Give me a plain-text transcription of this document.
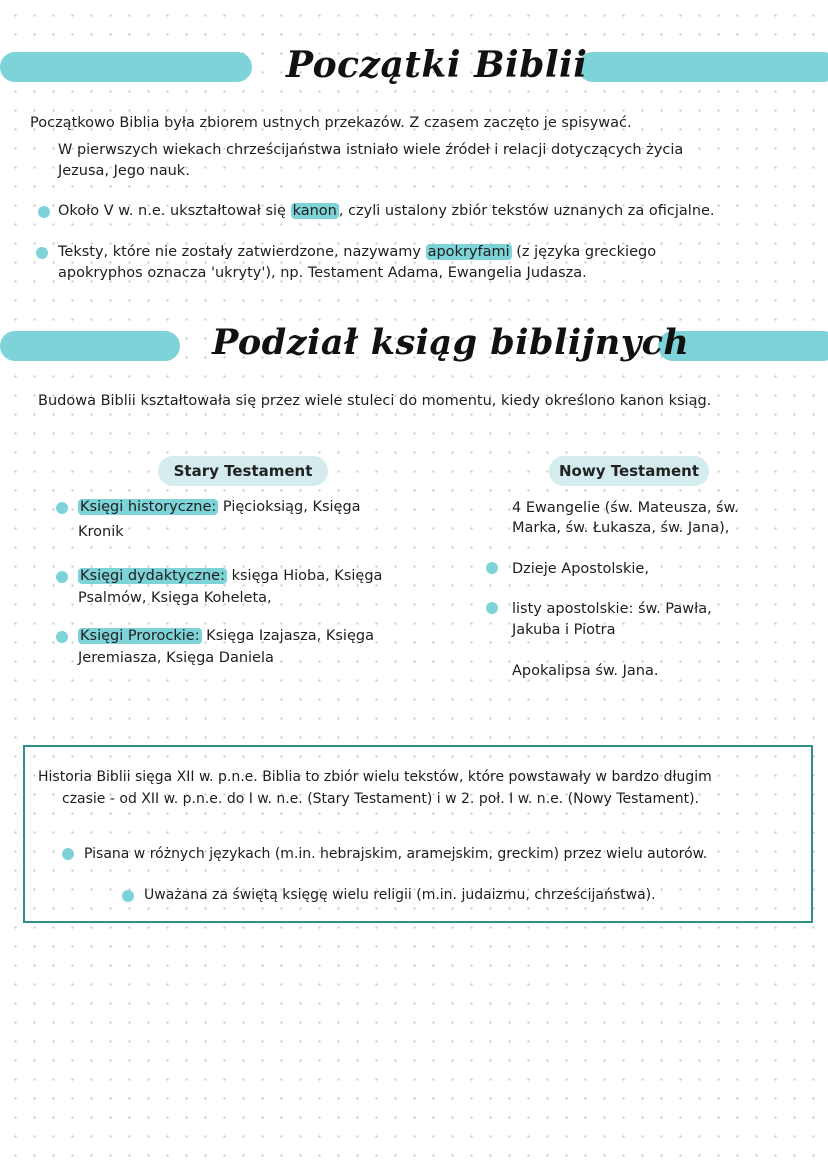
Początki Biblii
Początkowo Biblia była zbiorem ustnych przekazów. Z czasem zaczęto je spisywać.
W pierwszych wiekach chrześcijaństwa istniało wiele źródeł i relacji dotyczących życia
Jezusa, Jego nauk.
Około V w. n.e. ukształtował się kanon , czyli ustalony zbiór tekstów uznanych za oficjalne.
Teksty, które nie zostały zatwierdzone, nazywamy apokryfami (z języka greckiego
apokryphos oznacza 'ukryty'), np. Testament Adama, Ewangelia Judasza.
Podział ksiąg biblijnych
Budowa Biblii kształtowała się przez wiele stuleci do momentu, kiedy określono kanon ksiąg.
Stary Testament
Księgi historyczne: Pięcioksiąg, Księga
Kronik
Księgi dydaktyczne: księga Hioba, Księga
Psalmów, Księga Koheleta,
Księgi Prorockie: Księga Izajasza, Księga
Jeremiasza, Księga Daniela
Nowy Testament
4 Ewangelie (św. Mateusza, św.
Marka, św. Łukasza, św. Jana),
Dzieje Apostolskie,
listy apostolskie: św. Pawła,
Jakuba i Piotra
Apokalipsa św. Jana.
Historia Biblii sięga XII w. p.n.e. Biblia to zbiór wielu tekstów, które powstawały w bardzo długim
czasie - od XII w. p.n.e. do I w. n.e. (Stary Testament) i w 2. poł. I w. n.e. (Nowy Testament).
Pisana w różnych językach (m.in. hebrajskim, aramejskim, greckim) przez wielu autorów.
Uważana za świętą księgę wielu religii (m.in. judaizmu, chrześcijaństwa).
